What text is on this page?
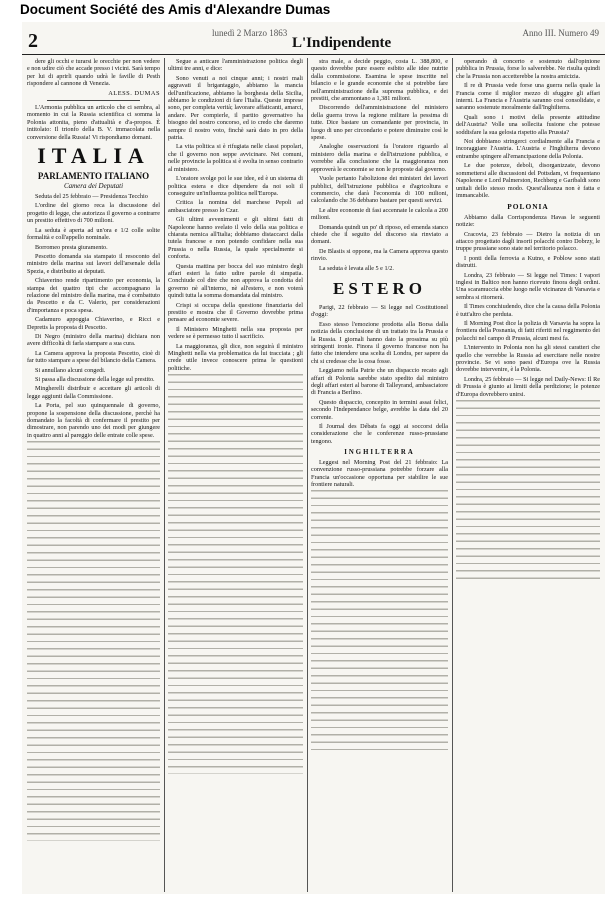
Document Société des Amis d'Alexandre Dumas
2	lunedì 2 Marzo 1863
L'Indipendente
Anno III. Numero 49

dere gli occhi e turarsi le orecchie per non vedere e non udire ciò che accade presso i vicini. Sarà tempo per lui di aprirli quando udrà le faville di Pesth rispondere al cannone di Venezia.

ALESS. DUMAS

L'Armonia pubblica un articolo che ci sembra, al momento in cui la Russia scientifica ci somma la Polonia attonita, pieno d'attualità e d'a-propos. È intitolato: Il trionfo della B. V. immacolata nella conversione della Russia! Vi rispondiamo domani.

ITALIA
PARLAMENTO ITALIANO
Camera dei Deputati

Seduta del 25 febbraio — Presidenza Tecchio

L'ordine del giorno reca la discussione del progetto di legge, che autorizza il governo a contrarre un prestito effettivo di 700 milioni.

La seduta è aperta ad un'ora e 1/2 colle solite formalità e coll'appello nominale.

Borromeo presta giuramento.

Pescetto domanda sia stampato il resoconto del ministro della marina sui lavori dell'arsenale della Spezia, e distribuito ai deputati.

Chiaverino rende ripartimento per economia, la stampa dei quattro tipi che accompagnano la relazione del ministro della marina, ma è combattuto da Pescetto e da C. Valerio, per considerazioni d'importanza e poca spesa.

Cadamuro appoggia Chiaverino, e Ricci e Depretis la proposta di Pescetto.

Di Negro (ministro della marina) dichiara non avere difficoltà di farla stampare a sua cura.

La Camera approva la proposta Pescetto, cioè di far tutto stampare a spese del bilancio della Camera.

Si annullano alcuni congedi.

Si passa alla discussione della legge sul prestito.

Mingherelli distribuir e accettare gli articoli di legge aggiunti dalla Commissione.

La Porta, pel suo quinquennale di governo, propone la sospensione della discussione, perchè ha domandato la facoltà di confermare il prestito per dimostrare, non parendo uno dei modi per giungere in quattro anni al pareggio delle entrate colle spese.

Segue a anticare l'amministrazione politica degli ultimi tre anni, e dice:

Sono venuti a noi cinque anni; i nostri mali aggravati il brigantaggio, abbiamo la mancia dell'unificazione, abbiamo la borghesia della Sicilia, abbiamo le condizioni di fare l'Italia. Queste imprese sono, per completa verità; lavorare affaticanti, amarci, andare. Per compierle, il partito governativo ha bisogno del nostro concorso, ed io credo che daremo sempre il nostro voto, finchè sarà dato in pro della patria.

La vita politica si è rifugiata nelle classi popolari, che il governo non seppe avvicinare. Nei comuni, nelle provincie la politica si è svolta in senso contrario al ministero.

L'oratore svolge poi le sue idee, ed è un sistema di politica estera e dice dipendere da noi soli il conseguire un'influenza politica nell'Europa.

Critica la nomina del marchese Pepoli ad ambasciatore presso lo Czar.

Gli ultimi avvenimenti e gli ultimi fatti di Napoleone hanno svelato il velo della sua politica e chiarata nemica all'Italia; dobbiamo distaccarci dalla tutela francese e non potendo confidare nella sua Prussia o nella Russia, la quale specialmente si conforta.

Questa mattina per bocca del suo ministro degli affari esteri la fatto udire parole di simpatia. Conchiude col dire che non approva la condotta del governo nè all'interno, nè all'estero, e non voterà quindi tutta la somma domandata dal ministro.

Crispi si occupa della questione finanziaria del prestito e mostra che il Governo dovrebbe prima pensare ad economie severe.

Il Ministero Minghetti nella sua proposta per vedere se è permesso tutto il sacrificio.

La maggioranza, gli dice, non seguirà il ministro Minghetti nella via problematica da lui tracciata ; gli crede utile invece conoscere prima le questioni politiche.

stra male, a decide peggio, costa L. 388,800, e questo dovrebbe pure essere esibito alle idee nutrite dalla commissione. Esamina le spese inscritte nel bilancio e le grande economie che si potrebbe fare nell'amministrazione della suprema pubblica, e dei prestiti, che ammontano a 1,381 milioni.

Discorrendo dell'amministrazione del ministero della guerra trova la regione militare la pessima di tutte. Dice bastare un comandante per provincia, in luogo di uno per circondario e potere diminuire così le spese.

Analoghe osservazioni fa l'oratore riguardo al ministero della marina e dell'istruzione pubblica, e vorrebbe alla conclusione che la maggioranza non approverà le economie se non le proposte dal governo.

Vuole pertanto l'abolizione dei ministeri dei lavori pubblici, dell'istruzione pubblica e d'agricoltura e commercio, che darà l'economia di 100 milioni, calcolando che 36 debbano bastare per questi servizi.

Le altre economie di fasi accennate le calcola a 200 milioni.

Domanda quindi un po' di riposo, ed emenda stanco chiede che il seguito del discorso sia rinviato a domani.

De Blasiis si oppone, ma la Camera approva questo rinvio.

La seduta è levata alle 5 e 1/2.

ESTERO

Parigi, 22 febbraio — Si legge nel Costitutionel d'oggi:

Esso stesso l'emozione prodotta alla Borsa dalla notizia della conclusione di un trattato tra la Prussia e la Russia. I giornali hanno dato la prossima su più stringenti ironie. Finora il governo francese non ha fatto che intendere una scelta di Londra, per sapere da chi si credesse che la cosa fosse.

Leggiamo nella Patrie che un dispaccio recato agli affari di Polonia sarebbe stato spedito dal ministro degli affari esteri al barone di Talleyrand, ambasciatore di Francia a Berlino.

Questo dispaccio, concepito in termini assai felici, secondo l'Independance belge, avrebbe la data del 20 corrente.

Il Journal des Débats fa oggi ai soccorsi della considerazione che le conferenze russo-prussiane tengono.

INGHILTERRA

Leggesi nel Morning Post del 21 febbraio: La convenzione russo-prussiana potrebbe forzare alla Francia un'occasione opportuna per stabilire le sue frontiere naturali.

operando di concerto e sostenuto dall'opinione pubblica in Prussia, forse lo salverebbe. Ne risulta quindi che la Prussia non accetterebbe la nostra amicizia.

Il re di Prussia vede forse una guerra nella quale la Francia come il miglior mezzo di sfuggire gli affari interni. La Francia e l'Austria saranno così consolidate, e saranno sostenute moralmente dall'Inghilterra.

Quali sono i motivi della presente attitudine dell'Austria? Volle una sollecita fusione che potesse soddisfare la sua gelosia rispetto alla Prussia?

Noi dobbiamo stringerci cordialmente alla Francia e incoraggiare l'Austria. L'Austria e l'Inghilterra devono entrambe spingere all'emancipazione della Polonia.

Le due potenze, deboli, disorganizzate, devono sommettersi alle discussioni del Pottsdam, vi frequentano Napoleone e Lord Palmerston, Rechberg e Garibaldi sono unitali dello stesso modo. Quest'alleanza non è fatta e immancabile.

POLONIA

Abbiamo dalla Corrispondenza Havas le seguenti notizie:

Cracovia, 23 febbraio — Dietro la notizia di un attacco progettato dagli insorti polacchi contro Dobrzy, le truppe prussiane sono state nel territorio polacco.

I ponti della ferrovia a Kutno, e Poblow sono stati distrutti.

Londra, 23 febbraio — Si legge nel Times: I vapori inglesi in Baltico non hanno ricevuto finora degli ordini. Una scaramuccia ebbe luogo nelle vicinanze di Varsavia e sembra si ritornerà.

Il Times conchiudendo, dice che la causa della Polonia è tutt'altro che perduta.

Il Morning Post dice la polizia di Varsavia ha sopra la frontiera della Posnania, di fatti riferiti nel reggimento dei polacchi nel campo di Prussia, alcuni mesi fa.

L'intervento in Polonia non ha gli stessi caratteri che quello che verrebbe la Russia ad esercitare nelle nostre provincie. Se vi sono paesi d'Europa ove la Russia dovrebbe intervenire, è la Polonia.

Londra, 25 febbraio — Si legge nel Daily-News: Il Re di Prussia è giunto ai limiti della perdizione; le potenze d'Europa dovrebbero unirsi.
